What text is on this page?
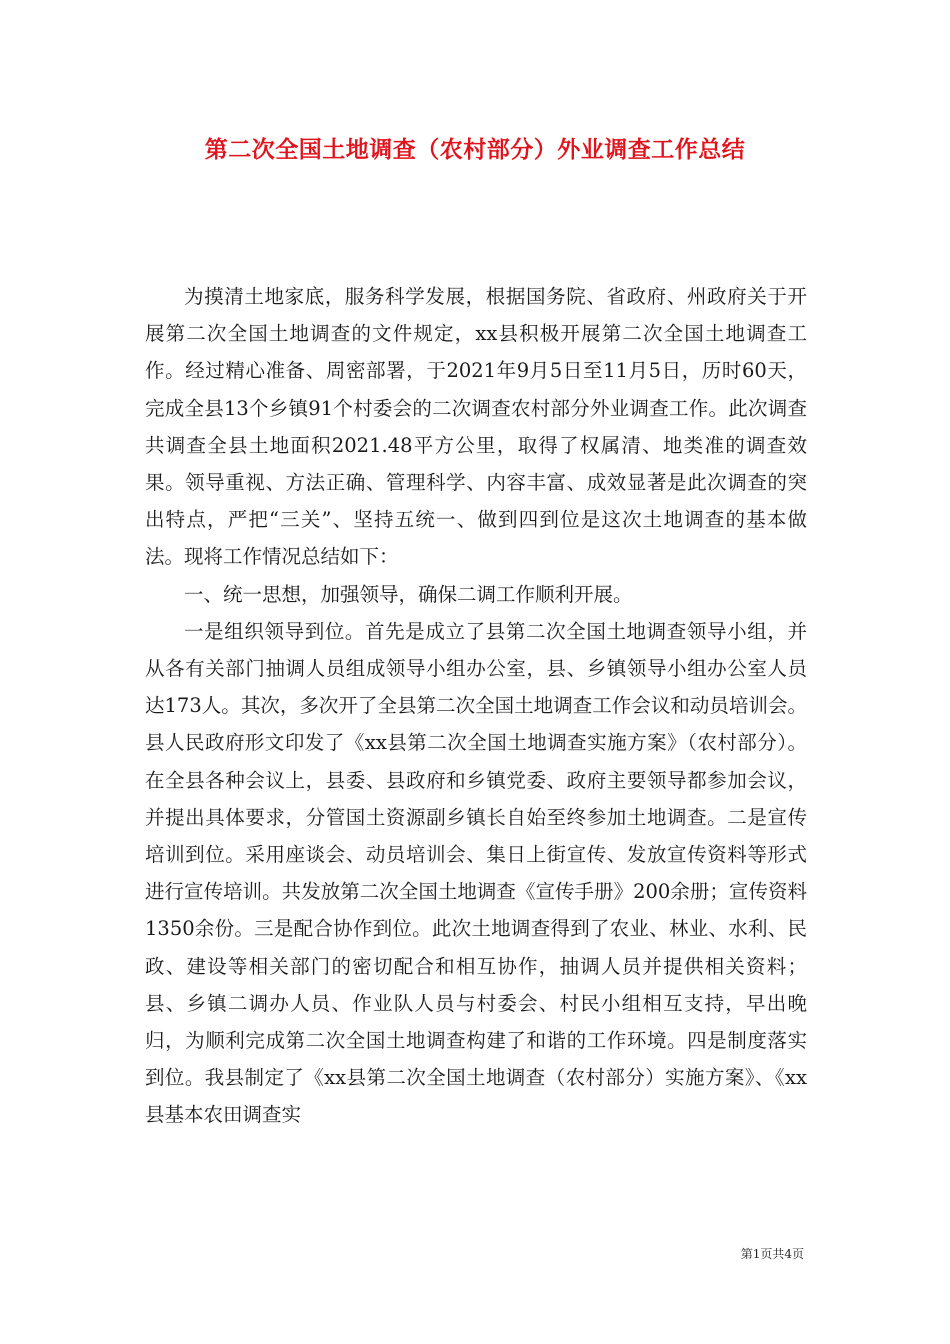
第二次全国土地调查（农村部分）外业调查工作总结

为摸清土地家底，服务科学发展，根据国务院、省政府、州政府关于开展第二次全国土地调查的文件规定，xx县积极开展第二次全国土地调查工作。经过精心准备、周密部署，于2021年9月5日至11月5日，历时60天，完成全县13个乡镇91个村委会的二次调查农村部分外业调查工作。此次调查共调查全县土地面积2021.48平方公里，取得了权属清、地类准的调查效果。领导重视、方法正确、管理科学、内容丰富、成效显著是此次调查的突出特点，严把“三关”、坚持五统一、做到四到位是这次土地调查的基本做法。现将工作情况总结如下：

一、统一思想，加强领导，确保二调工作顺利开展。

一是组织领导到位。首先是成立了县第二次全国土地调查领导小组，并从各有关部门抽调人员组成领导小组办公室，县、乡镇领导小组办公室人员达173人。其次，多次开了全县第二次全国土地调查工作会议和动员培训会。县人民政府形文印发了《xx县第二次全国土地调查实施方案》（农村部分）。在全县各种会议上，县委、县政府和乡镇党委、政府主要领导都参加会议，并提出具体要求，分管国土资源副乡镇长自始至终参加土地调查。二是宣传培训到位。采用座谈会、动员培训会、集日上街宣传、发放宣传资料等形式进行宣传培训。共发放第二次全国土地调查《宣传手册》200余册；宣传资料1350余份。三是配合协作到位。此次土地调查得到了农业、林业、水利、民政、建设等相关部门的密切配合和相互协作，抽调人员并提供相关资料；县、乡镇二调办人员、作业队人员与村委会、村民小组相互支持，早出晚归，为顺利完成第二次全国土地调查构建了和谐的工作环境。四是制度落实到位。我县制定了《xx县第二次全国土地调查（农村部分）实施方案》、《xx县基本农田调查实

第1页共4页
